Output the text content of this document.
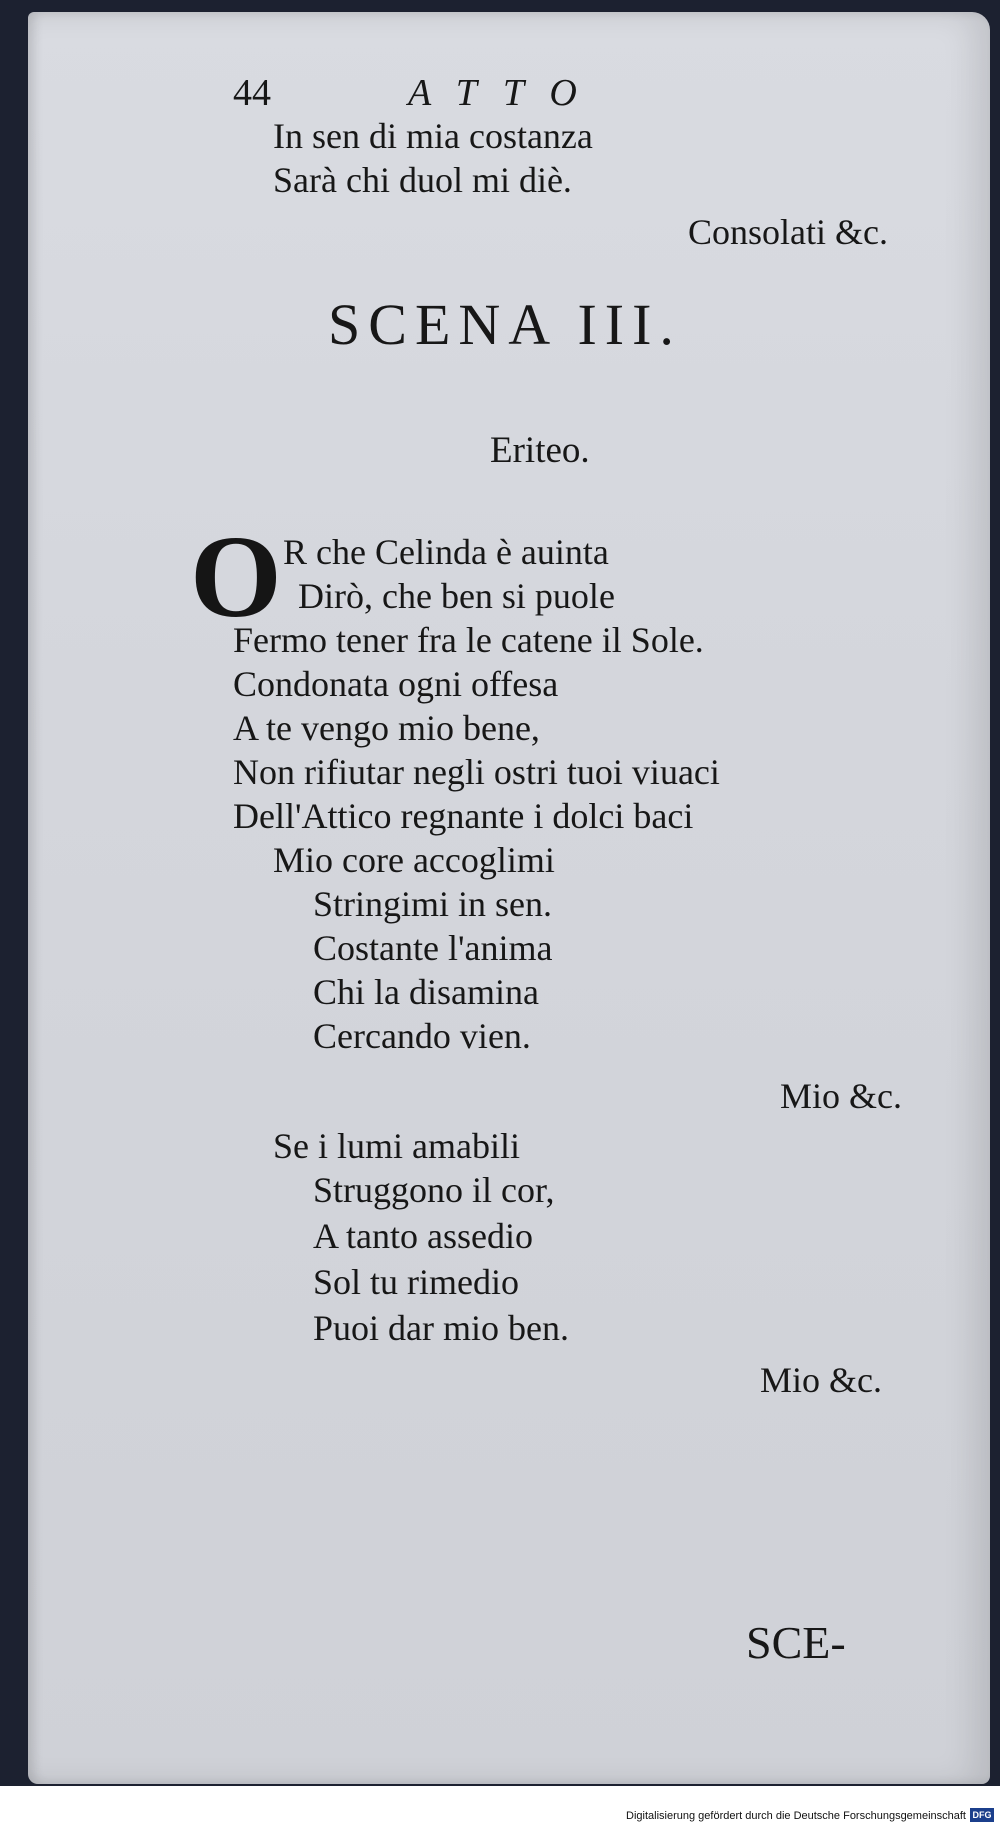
44	ATTO
In sen di mia costanza
Sarà chi duol mi diè.
Consolati &c.
SCENA III.
Eriteo.
O R che Celinda è auinta
Dirò, che ben si puole
Fermo tener fra le catene il Sole.
Condonata ogni offesa
A te vengo mio bene,
Non rifiutar negli ostri tuoi viuaci
Dell'Attico regnante i dolci baci
Mio core accoglimi
Stringimi in sen.
Costante l'anima
Chi la disamina
Cercando vien.
Mio &c.
Se i lumi amabili
Struggono il cor,
A tanto assedio
Sol tu rimedio
Puoi dar mio ben.
Mio &c.
SCE-
Digitalisierung gefördert durch die Deutsche Forschungsgemeinschaft DFG
